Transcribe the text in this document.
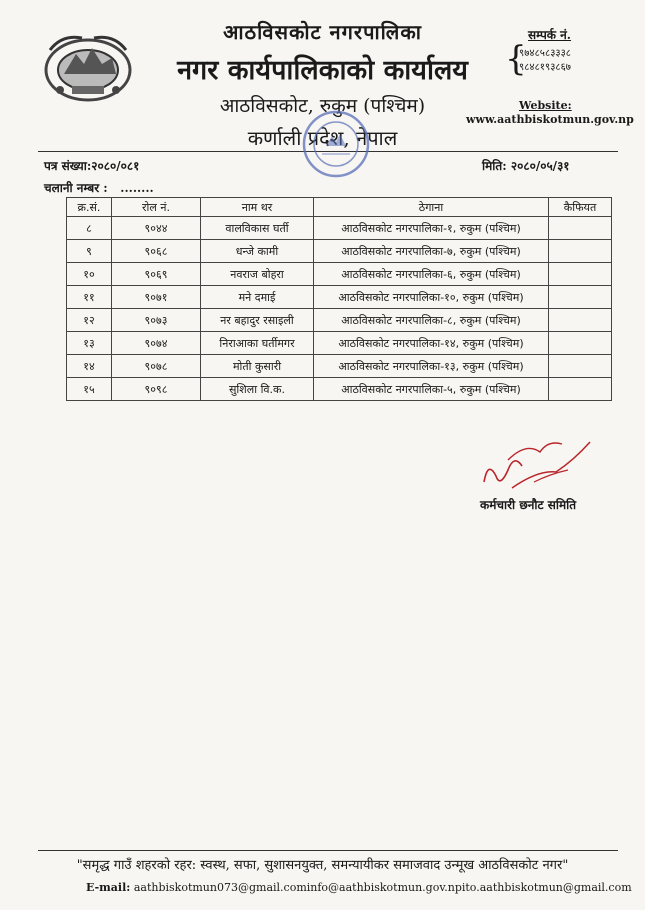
आठविसकोट नगरपालिका
नगर कार्यपालिकाको कार्यालय
आठविसकोट, रुकुम (पश्चिम)
कर्णाली प्रदेश, नेपाल
सम्पर्क नं.
{
९७४८५८३३३८
९८४८१९३८६७
Website:
www.aathbiskotmun.gov.np
पत्र संख्या:२०८०/०८१
चलानी नम्बर : ........
मिति: २०८०/०५/३१
क्र.सं.	रोल नं.	नाम थर	ठेगाना	कैफियत
८	९०४४	वालविकास घर्ती	आठविसकोट नगरपालिका-१, रुकुम (पश्चिम)	
९	९०६८	धन्जे कामी	आठविसकोट नगरपालिका-७, रुकुम (पश्चिम)	
१०	९०६९	नवराज बोहरा	आठविसकोट नगरपालिका-६, रुकुम (पश्चिम)	
११	९०७१	मने दमाई	आठविसकोट नगरपालिका-१०, रुकुम (पश्चिम)	
१२	९०७३	नर बहादुर रसाइली	आठविसकोट नगरपालिका-८, रुकुम (पश्चिम)	
१३	९०७४	निराआका घर्तीमगर	आठविसकोट नगरपालिका-१४, रुकुम (पश्चिम)	
१४	९०७८	मोती कुसारी	आठविसकोट नगरपालिका-१३, रुकुम (पश्चिम)	
१५	९०९८	सुशिला वि.क.	आठविसकोट नगरपालिका-५, रुकुम (पश्चिम)	
कर्मचारी छनौट समिति
"समृद्ध गाउँ शहरको रहर: स्वस्थ, सफा, सुशासनयुक्त, समन्यायीकर समाजवाद उन्मूख आठविसकोट नगर"
E-mail: aathbiskotmun073@gmail.cominfo@aathbiskotmun.gov.npito.aathbiskotmun@gmail.com
